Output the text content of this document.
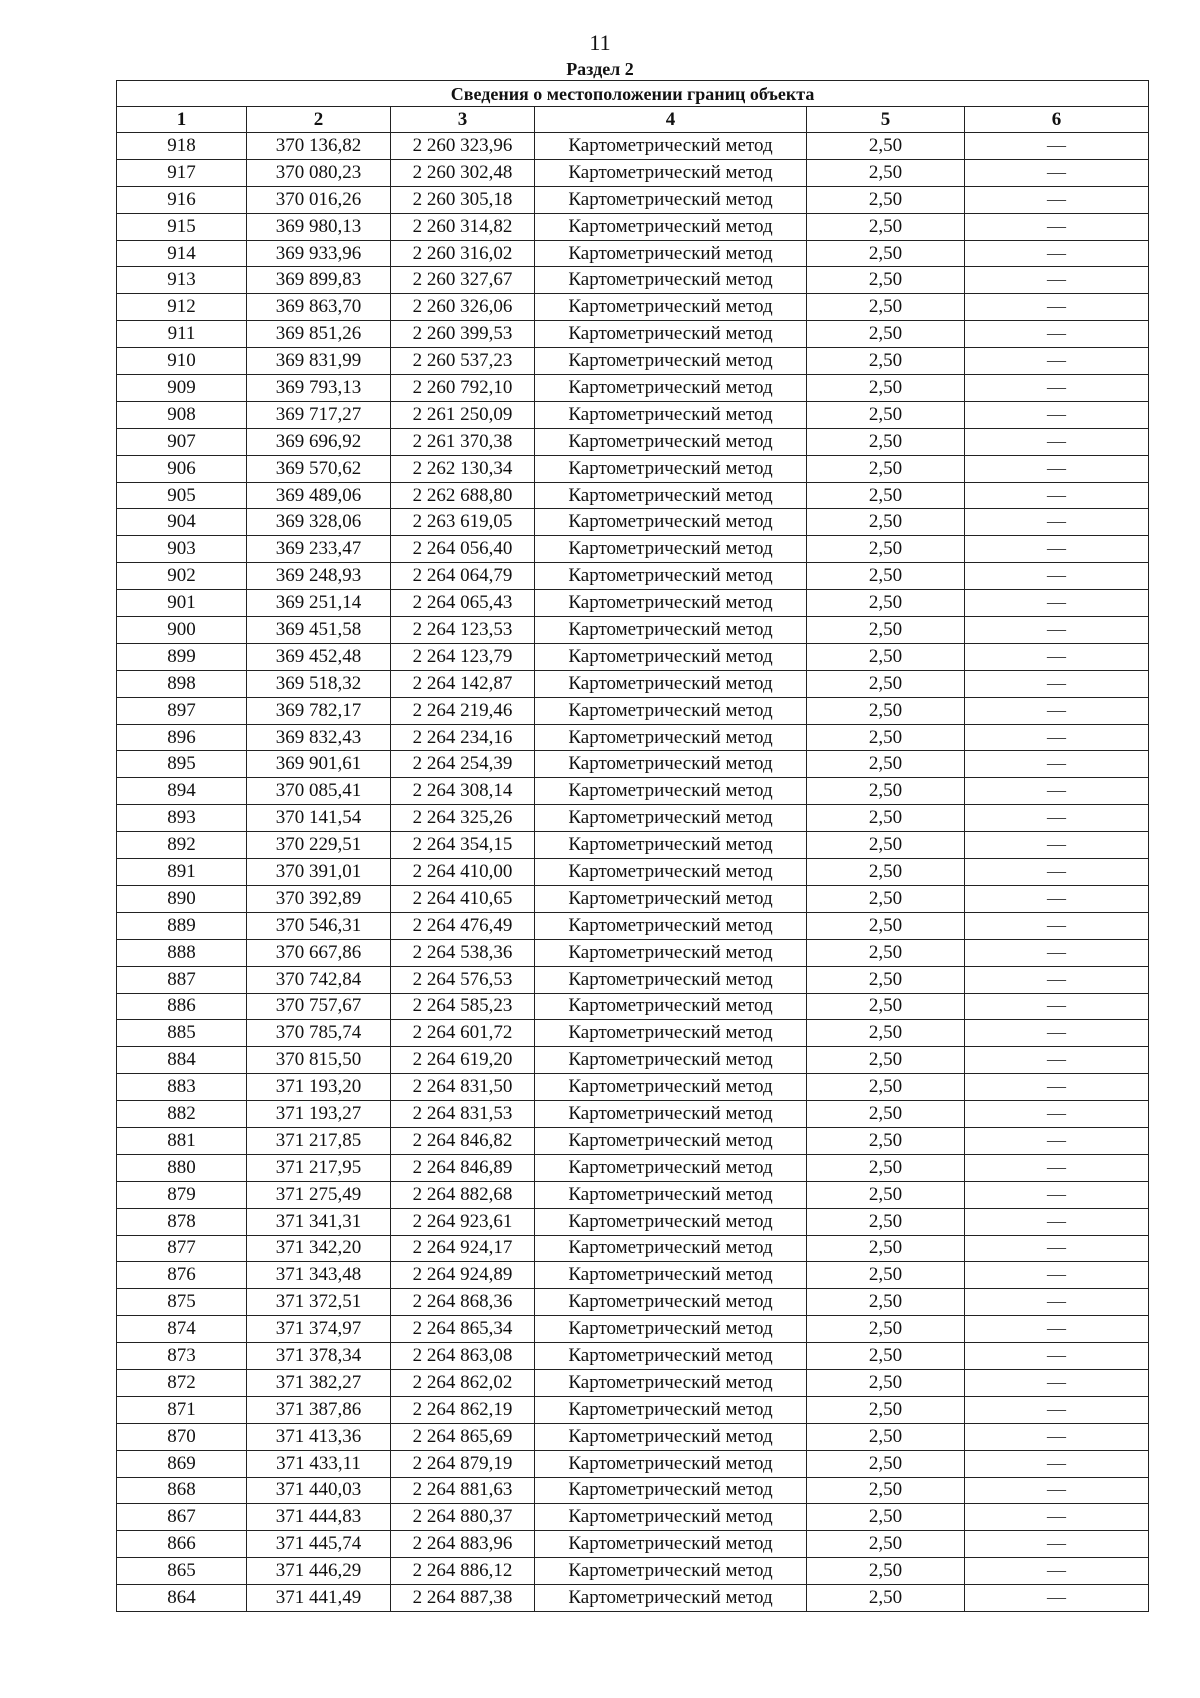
11
Раздел 2
Сведения о местоположении границ объекта					
1	2	3	4	5	6
918	370 136,82	2 260 323,96	Картометрический метод	2,50	—
917	370 080,23	2 260 302,48	Картометрический метод	2,50	—
916	370 016,26	2 260 305,18	Картометрический метод	2,50	—
915	369 980,13	2 260 314,82	Картометрический метод	2,50	—
914	369 933,96	2 260 316,02	Картометрический метод	2,50	—
913	369 899,83	2 260 327,67	Картометрический метод	2,50	—
912	369 863,70	2 260 326,06	Картометрический метод	2,50	—
911	369 851,26	2 260 399,53	Картометрический метод	2,50	—
910	369 831,99	2 260 537,23	Картометрический метод	2,50	—
909	369 793,13	2 260 792,10	Картометрический метод	2,50	—
908	369 717,27	2 261 250,09	Картометрический метод	2,50	—
907	369 696,92	2 261 370,38	Картометрический метод	2,50	—
906	369 570,62	2 262 130,34	Картометрический метод	2,50	—
905	369 489,06	2 262 688,80	Картометрический метод	2,50	—
904	369 328,06	2 263 619,05	Картометрический метод	2,50	—
903	369 233,47	2 264 056,40	Картометрический метод	2,50	—
902	369 248,93	2 264 064,79	Картометрический метод	2,50	—
901	369 251,14	2 264 065,43	Картометрический метод	2,50	—
900	369 451,58	2 264 123,53	Картометрический метод	2,50	—
899	369 452,48	2 264 123,79	Картометрический метод	2,50	—
898	369 518,32	2 264 142,87	Картометрический метод	2,50	—
897	369 782,17	2 264 219,46	Картометрический метод	2,50	—
896	369 832,43	2 264 234,16	Картометрический метод	2,50	—
895	369 901,61	2 264 254,39	Картометрический метод	2,50	—
894	370 085,41	2 264 308,14	Картометрический метод	2,50	—
893	370 141,54	2 264 325,26	Картометрический метод	2,50	—
892	370 229,51	2 264 354,15	Картометрический метод	2,50	—
891	370 391,01	2 264 410,00	Картометрический метод	2,50	—
890	370 392,89	2 264 410,65	Картометрический метод	2,50	—
889	370 546,31	2 264 476,49	Картометрический метод	2,50	—
888	370 667,86	2 264 538,36	Картометрический метод	2,50	—
887	370 742,84	2 264 576,53	Картометрический метод	2,50	—
886	370 757,67	2 264 585,23	Картометрический метод	2,50	—
885	370 785,74	2 264 601,72	Картометрический метод	2,50	—
884	370 815,50	2 264 619,20	Картометрический метод	2,50	—
883	371 193,20	2 264 831,50	Картометрический метод	2,50	—
882	371 193,27	2 264 831,53	Картометрический метод	2,50	—
881	371 217,85	2 264 846,82	Картометрический метод	2,50	—
880	371 217,95	2 264 846,89	Картометрический метод	2,50	—
879	371 275,49	2 264 882,68	Картометрический метод	2,50	—
878	371 341,31	2 264 923,61	Картометрический метод	2,50	—
877	371 342,20	2 264 924,17	Картометрический метод	2,50	—
876	371 343,48	2 264 924,89	Картометрический метод	2,50	—
875	371 372,51	2 264 868,36	Картометрический метод	2,50	—
874	371 374,97	2 264 865,34	Картометрический метод	2,50	—
873	371 378,34	2 264 863,08	Картометрический метод	2,50	—
872	371 382,27	2 264 862,02	Картометрический метод	2,50	—
871	371 387,86	2 264 862,19	Картометрический метод	2,50	—
870	371 413,36	2 264 865,69	Картометрический метод	2,50	—
869	371 433,11	2 264 879,19	Картометрический метод	2,50	—
868	371 440,03	2 264 881,63	Картометрический метод	2,50	—
867	371 444,83	2 264 880,37	Картометрический метод	2,50	—
866	371 445,74	2 264 883,96	Картометрический метод	2,50	—
865	371 446,29	2 264 886,12	Картометрический метод	2,50	—
864	371 441,49	2 264 887,38	Картометрический метод	2,50	—
